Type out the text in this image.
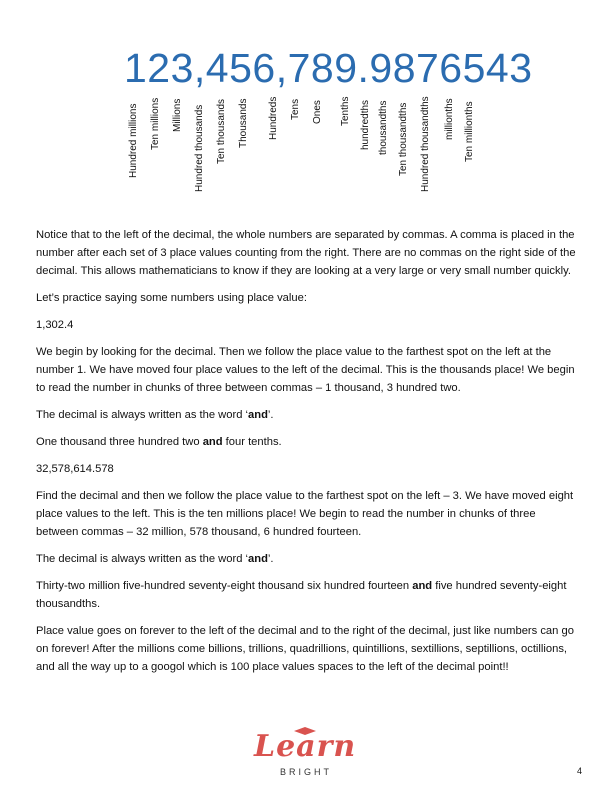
123,456,789.9876543
Hundred millions Ten millions Millions Hundred thousands Ten thousands Thousands Hundreds Tens Ones Tenths hundredths thousandths Ten thousandths Hundred thousandths millionths Ten millionths

Notice that to the left of the decimal, the whole numbers are separated by commas. A comma is placed in the number after each set of 3 place values counting from the right. There are no commas on the right side of the decimal. This allows mathematicians to know if they are looking at a very large or very small number quickly.

Let’s practice saying some numbers using place value:

1,302.4

We begin by looking for the decimal. Then we follow the place value to the farthest spot on the left at the number 1. We have moved four place values to the left of the decimal. This is the thousands place! We begin to read the number in chunks of three between commas – 1 thousand, 3 hundred two.

The decimal is always written as the word ‘and’.

One thousand three hundred two and four tenths.

32,578,614.578

Find the decimal and then we follow the place value to the farthest spot on the left – 3. We have moved eight place values to the left. This is the ten millions place! We begin to read the number in chunks of three between commas – 32 million, 578 thousand, 6 hundred fourteen.

The decimal is always written as the word ‘and’.

Thirty-two million five-hundred seventy-eight thousand six hundred fourteen and five hundred seventy-eight thousandths.

Place value goes on forever to the left of the decimal and to the right of the decimal, just like numbers can go on forever! After the millions come billions, trillions, quadrillions, quintillions, sextillions, septillions, octillions, and all the way up to a googol which is 100 place values spaces to the left of the decimal point!!

Learn
BRIGHT	4
